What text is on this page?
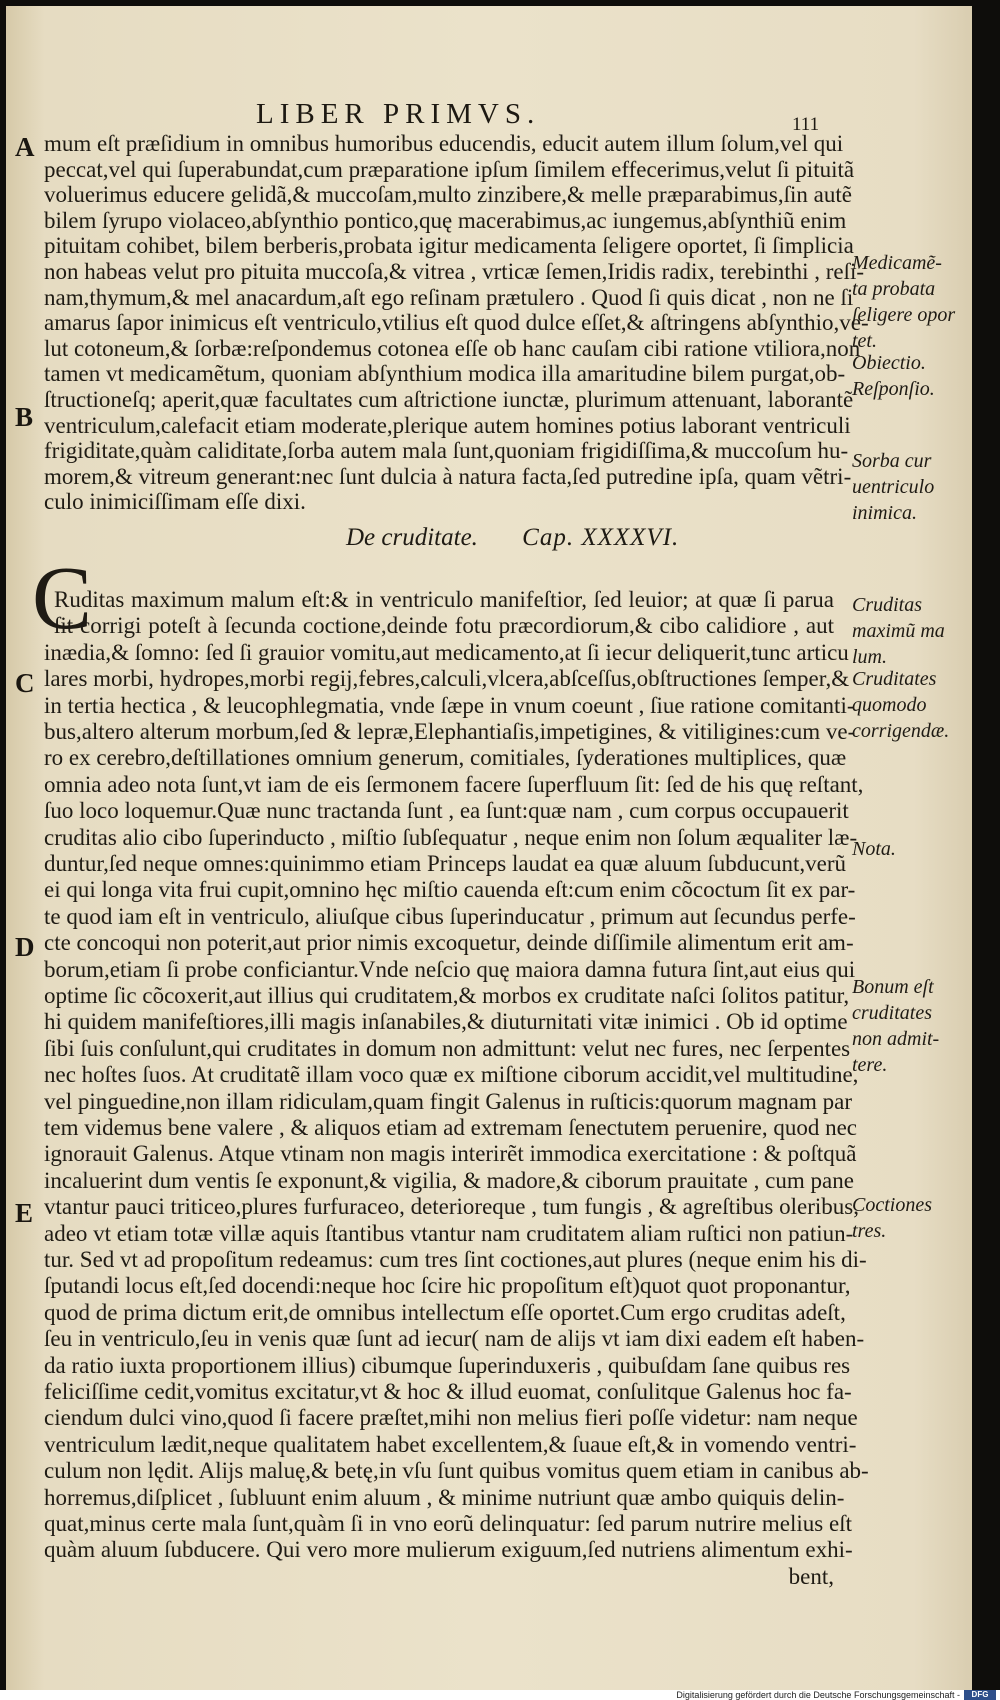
LIBER PRIMVS.	111
A
B
C
D
E
mum eſt præſidium in omnibus humoribus educendis, educit autem illum ſolum,vel qui
peccat,vel qui ſuperabundat,cum præparatione ipſum ſimilem effecerimus,velut ſi pituitã
voluerimus educere gelidã,& muccoſam,multo zinzibere,& melle præparabimus,ſin autẽ
bilem ſyrupo violaceo,abſynthio pontico,quę macerabimus,ac iungemus,abſynthiũ enim
pituitam cohibet, bilem berberis,probata igitur medicamenta ſeligere oportet, ſi ſimplicia
non habeas velut pro pituita muccoſa,& vitrea , vrticæ ſemen,Iridis radix, terebinthi , reſi-
nam,thymum,& mel anacardum,aſt ego reſinam prætulero . Quod ſi quis dicat , non ne ſi
amarus ſapor inimicus eſt ventriculo,vtilius eſt quod dulce eſſet,& aſtringens abſynthio,ve-
lut cotoneum,& ſorbæ:reſpondemus cotonea eſſe ob hanc cauſam cibi ratione vtiliora,non
tamen vt medicamẽtum, quoniam abſynthium modica illa amaritudine bilem purgat,ob-
ſtructioneſq; aperit,quæ facultates cum aſtrictione iunctæ, plurimum attenuant, laborantẽ
ventriculum,calefacit etiam moderate,plerique autem homines potius laborant ventriculi
frigiditate,quàm caliditate,ſorba autem mala ſunt,quoniam frigidiſſima,& muccoſum hu-
morem,& vitreum generant:nec ſunt dulcia à natura facta,ſed putredine ipſa, quam vẽtri-
culo inimiciſſimam eſſe dixi.
De cruditate. Cap. XXXXVI.
C
Ruditas maximum malum eſt:& in ventriculo manifeſtior, ſed leuior; at quæ ſi parua
ſit corrigi poteſt à ſecunda coctione,deinde fotu præcordiorum,& cibo calidiore , aut
inædia,& ſomno: ſed ſi grauior vomitu,aut medicamento,at ſi iecur deliquerit,tunc articu
lares morbi, hydropes,morbi regij,febres,calculi,vlcera,abſceſſus,obſtructiones ſemper,&
in tertia hectica , & leucophlegmatia, vnde ſæpe in vnum coeunt , ſiue ratione comitanti-
bus,altero alterum morbum,ſed & lepræ,Elephantiaſis,impetigines, & vitiligines:cum ve-
ro ex cerebro,deſtillationes omnium generum, comitiales, ſyderationes multiplices, quæ
omnia adeo nota ſunt,vt iam de eis ſermonem facere ſuperfluum ſit: ſed de his quę reſtant,
ſuo loco loquemur.Quæ nunc tractanda ſunt , ea ſunt:quæ nam , cum corpus occupauerit
cruditas alio cibo ſuperinducto , miſtio ſubſequatur , neque enim non ſolum æqualiter læ-
duntur,ſed neque omnes:quinimmo etiam Princeps laudat ea quæ aluum ſubducunt,verũ
ei qui longa vita frui cupit,omnino hęc miſtio cauenda eſt:cum enim cõcoctum ſit ex par-
te quod iam eſt in ventriculo, aliuſque cibus ſuperinducatur , primum aut ſecundus perfe-
cte concoqui non poterit,aut prior nimis excoquetur, deinde diſſimile alimentum erit am-
borum,etiam ſi probe conficiantur.Vnde neſcio quę maiora damna futura ſint,aut eius qui
optime ſic cõcoxerit,aut illius qui cruditatem,& morbos ex cruditate naſci ſolitos patitur,
hi quidem manifeſtiores,illi magis inſanabiles,& diuturnitati vitæ inimici . Ob id optime
ſibi ſuis conſulunt,qui cruditates in domum non admittunt: velut nec fures, nec ſerpentes
nec hoſtes ſuos. At cruditatẽ illam voco quæ ex miſtione ciborum accidit,vel multitudine,
vel pinguedine,non illam ridiculam,quam fingit Galenus in ruſticis:quorum magnam par
tem videmus bene valere , & aliquos etiam ad extremam ſenectutem peruenire, quod nec
ignorauit Galenus. Atque vtinam non magis interirẽt immodica exercitatione : & poſtquã
incaluerint dum ventis ſe exponunt,& vigilia, & madore,& ciborum prauitate , cum pane
vtantur pauci triticeo,plures furfuraceo, deterioreque , tum fungis , & agreſtibus oleribus,
adeo vt etiam totæ villæ aquis ſtantibus vtantur nam cruditatem aliam ruſtici non patiun-
tur. Sed vt ad propoſitum redeamus: cum tres ſint coctiones,aut plures (neque enim his di-
ſputandi locus eſt,ſed docendi:neque hoc ſcire hic propoſitum eſt)quot quot proponantur,
quod de prima dictum erit,de omnibus intellectum eſſe oportet.Cum ergo cruditas adeſt,
ſeu in ventriculo,ſeu in venis quæ ſunt ad iecur( nam de alijs vt iam dixi eadem eſt haben-
da ratio iuxta proportionem illius) cibumque ſuperinduxeris , quibuſdam ſane quibus res
feliciſſime cedit,vomitus excitatur,vt & hoc & illud euomat, conſulitque Galenus hoc fa-
ciendum dulci vino,quod ſi facere præſtet,mihi non melius fieri poſſe videtur: nam neque
ventriculum lædit,neque qualitatem habet excellentem,& ſuaue eſt,& in vomendo ventri-
culum non lędit. Alijs maluę,& betę,in vſu ſunt quibus vomitus quem etiam in canibus ab-
horremus,diſplicet , ſubluunt enim aluum , & minime nutriunt quæ ambo quiquis delin-
quat,minus certe mala ſunt,quàm ſi in vno eorũ delinquatur: ſed parum nutrire melius eſt
quàm aluum ſubducere. Qui vero more mulierum exiguum,ſed nutriens alimentum exhi-
bent,
Medicamẽ-
ta probata
ſeligere opor
tet.
Obiectio.
Reſponſio.
Sorba cur
uentriculo
inimica.
Cruditas
maximũ ma
lum.
Cruditates
quomodo
corrigendæ.
Nota.
Bonum eſt
cruditates
non admit-
tere.
Coctiones
tres.
Digitalisierung gefördert durch die Deutsche Forschungsgemeinschaft -	DFG
